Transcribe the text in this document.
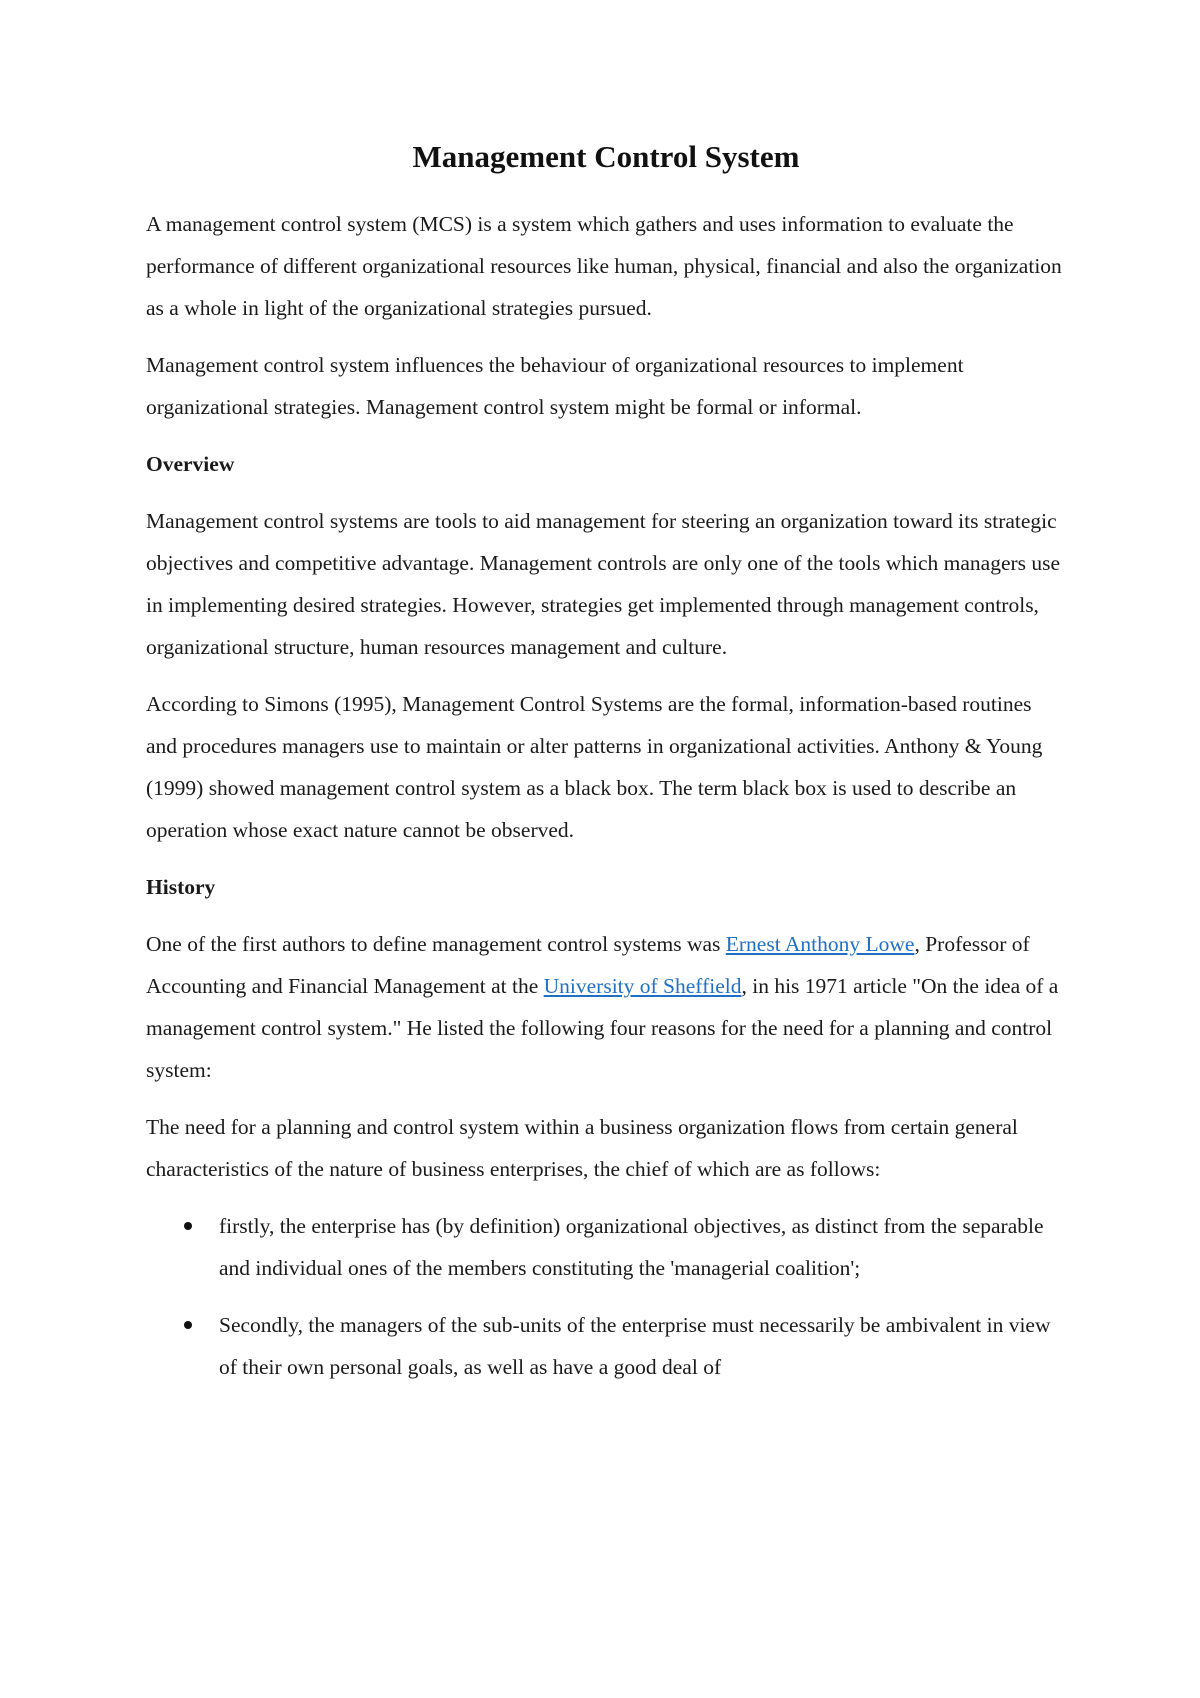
Management Control System

A management control system (MCS) is a system which gathers and uses information to evaluate the performance of different organizational resources like human, physical, financial and also the organization as a whole in light of the organizational strategies pursued.

Management control system influences the behaviour of organizational resources to implement organizational strategies. Management control system might be formal or informal.

Overview

Management control systems are tools to aid management for steering an organization toward its strategic objectives and competitive advantage. Management controls are only one of the tools which managers use in implementing desired strategies. However, strategies get implemented through management controls, organizational structure, human resources management and culture.

According to Simons (1995), Management Control Systems are the formal, information-based routines and procedures managers use to maintain or alter patterns in organizational activities. Anthony & Young (1999) showed management control system as a black box. The term black box is used to describe an operation whose exact nature cannot be observed.

History

One of the first authors to define management control systems was Ernest Anthony Lowe, Professor of Accounting and Financial Management at the University of Sheffield, in his 1971 article "On the idea of a management control system." He listed the following four reasons for the need for a planning and control system:

The need for a planning and control system within a business organization flows from certain general characteristics of the nature of business enterprises, the chief of which are as follows:

firstly, the enterprise has (by definition) organizational objectives, as distinct from the separable and individual ones of the members constituting the 'managerial coalition';
Secondly, the managers of the sub-units of the enterprise must necessarily be ambivalent in view of their own personal goals, as well as have a good deal of
